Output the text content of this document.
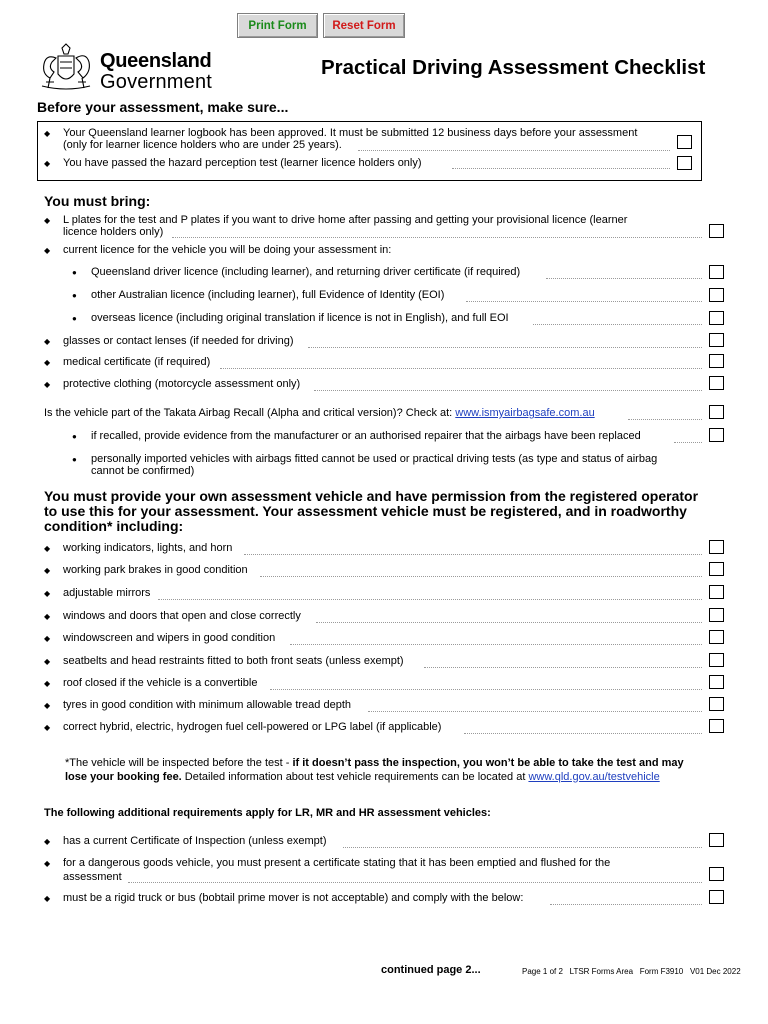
Print Form	Reset Form
Queensland
Government
Practical Driving Assessment Checklist
Before your assessment, make sure...
◆ Your Queensland learner logbook has been approved. It must be submitted 12 business days before your assessment
(only for learner licence holders who are under 25 years).
◆ You have passed the hazard perception test (learner licence holders only)
You must bring:
◆ L plates for the test and P plates if you want to drive home after passing and getting your provisional licence (learner
licence holders only)
◆ current licence for the vehicle you will be doing your assessment in:
● Queensland driver licence (including learner), and returning driver certificate (if required)
● other Australian licence (including learner), full Evidence of Identity (EOI)
● overseas licence (including original translation if licence is not in English), and full EOI
◆ glasses or contact lenses (if needed for driving)
◆ medical certificate (if required)
◆ protective clothing (motorcycle assessment only)
Is the vehicle part of the Takata Airbag Recall (Alpha and critical version)? Check at: www.ismyairbagsafe.com.au
● if recalled, provide evidence from the manufacturer or an authorised repairer that the airbags have been replaced
● personally imported vehicles with airbags fitted cannot be used or practical driving tests (as type and status of airbag
cannot be confirmed)
You must provide your own assessment vehicle and have permission from the registered operator
to use this for your assessment. Your assessment vehicle must be registered, and in roadworthy
condition* including:
◆ working indicators, lights, and horn
◆ working park brakes in good condition
◆ adjustable mirrors
◆ windows and doors that open and close correctly
◆ windowscreen and wipers in good condition
◆ seatbelts and head restraints fitted to both front seats (unless exempt)
◆ roof closed if the vehicle is a convertible
◆ tyres in good condition with minimum allowable tread depth
◆ correct hybrid, electric, hydrogen fuel cell-powered or LPG label (if applicable)
*The vehicle will be inspected before the test - if it doesn’t pass the inspection, you won’t be able to take the test and may
lose your booking fee. Detailed information about test vehicle requirements can be located at www.qld.gov.au/testvehicle
The following additional requirements apply for LR, MR and HR assessment vehicles:
◆ has a current Certificate of Inspection (unless exempt)
◆ for a dangerous goods vehicle, you must present a certificate stating that it has been emptied and flushed for the
assessment
◆ must be a rigid truck or bus (bobtail prime mover is not acceptable) and comply with the below:
continued page 2...	Page 1 of 2 LTSR Forms Area Form F3910 V01 Dec 2022
